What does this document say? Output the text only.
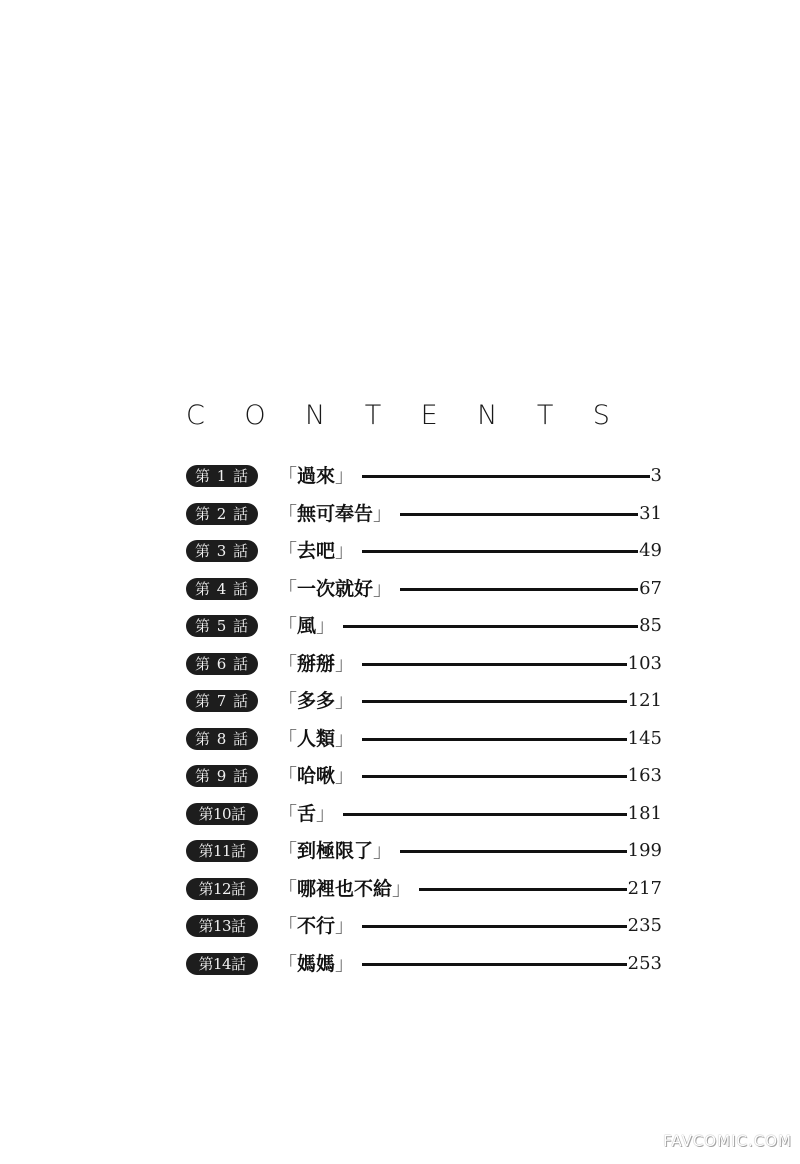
C O N T E N T S
第 1 話	「過來」	3
第 2 話	「無可奉告」	31
第 3 話	「去吧」	49
第 4 話	「一次就好」	67
第 5 話	「風」	85
第 6 話	「掰掰」	103
第 7 話	「多多」	121
第 8 話	「人類」	145
第 9 話	「哈啾」	163
第10話	「舌」	181
第11話	「到極限了」	199
第12話	「哪裡也不給」	217
第13話	「不行」	235
第14話	「媽媽」	253
FAVCOMIC.COM
